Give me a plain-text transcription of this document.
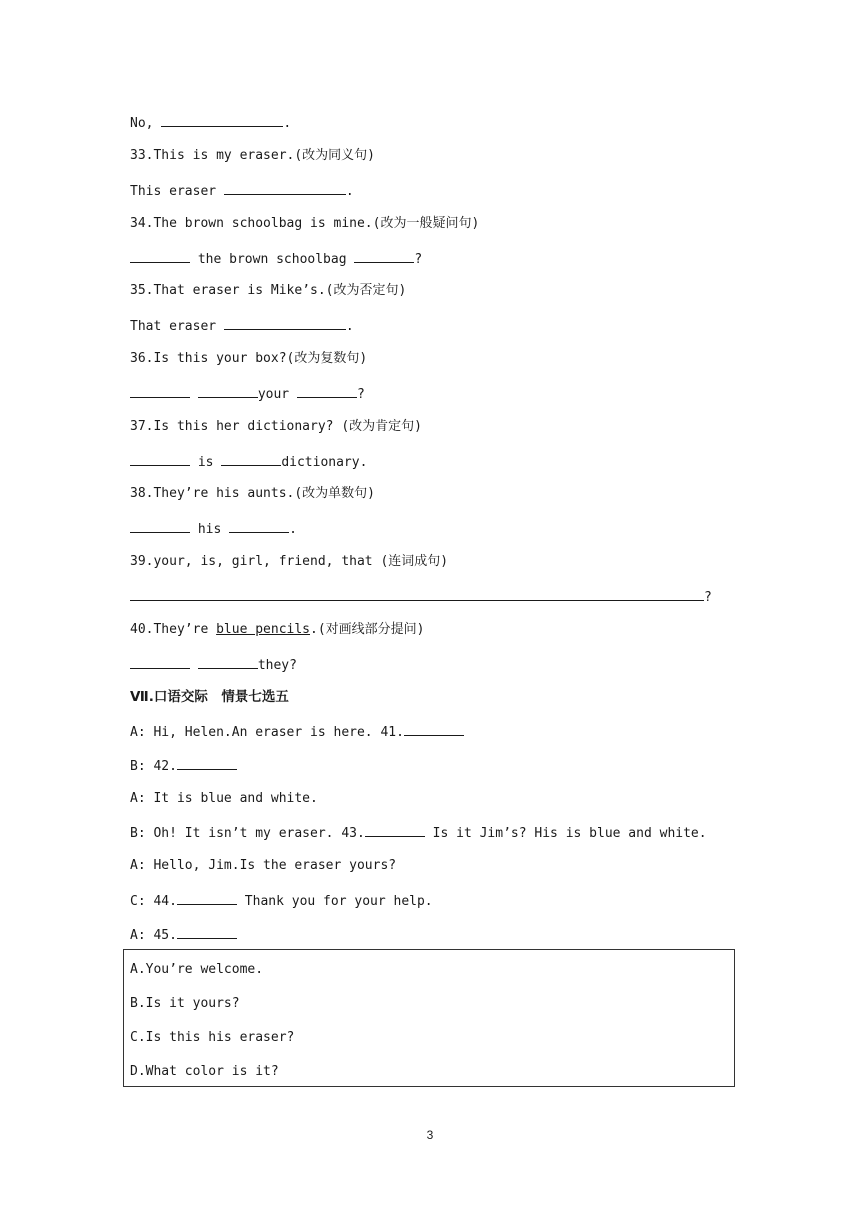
No,	.
33.This is my eraser.(改为同义句)
This eraser	.
34.The brown schoolbag is mine.(改为一般疑问句)
the brown schoolbag	?
35.That eraser is Mike’s.(改为否定句)
That eraser	.
36.Is this your box?(改为复数句)
your	?
37.Is this her dictionary? (改为肯定句)
is	dictionary.
38.They’re his aunts.(改为单数句)
his	.
39.your, is, girl, friend, that (连词成句)
?
40.They’re blue pencils.(对画线部分提问)
they?
Ⅶ.口语交际　情景七选五
A: Hi, Helen.An eraser is here. 41.
B: 42.
A: It is blue and white.
B: Oh! It isn’t my eraser. 43.	Is it Jim’s? His is blue and white.
A: Hello, Jim.Is the eraser yours?
C: 44.	Thank you for your help.
A: 45.
A.You’re welcome.
B.Is it yours?
C.Is this his eraser?
D.What color is it?
3
